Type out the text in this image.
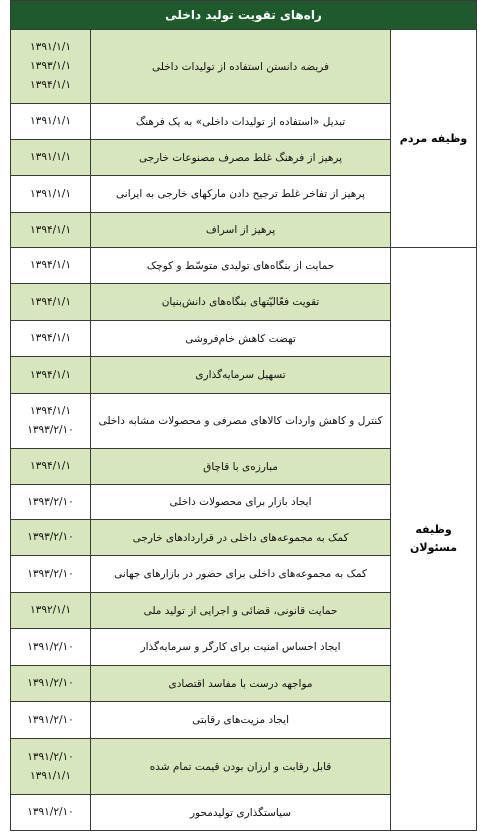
راه‌های تقویت تولید داخلی		
وظیفه مردم	فریضه دانستن استفاده از تولیدات داخلی	۱۳۹۱/۱/۱
۱۳۹۳/۱/۱
۱۳۹۴/۱/۱

	تبدیل «استفاده از تولیدات داخلی» به یک فرهنگ	۱۳۹۱/۱/۱

	پرهیز از فرهنگ غلط مصرف مصنوعات خارجی	۱۳۹۱/۱/۱

	پرهیز از تفاخر غلط ترجیح دادن مارکهای خارجی به ایرانی	۱۳۹۱/۱/۱

	پرهیز از اسراف	۱۳۹۴/۱/۱

وظیفه
مسئولان	حمایت از بنگاه‌های تولیدی متوسّط و کوچک	۱۳۹۴/۱/۱

	تقویت فعّالیّتهای بنگاه‌های دانش‌بنیان	۱۳۹۴/۱/۱

	تهضت کاهش خام‌فروشی	۱۳۹۴/۱/۱

	تسهیل سرمایه‌گذاری	۱۳۹۴/۱/۱

	کنترل و کاهش واردات کالاهای مصرفی و محصولات مشابه داخلی	۱۳۹۴/۱/۱
۱۳۹۳/۲/۱۰

	مبارزه‌ی با قاچاق	۱۳۹۴/۱/۱

	ایجاد بازار برای محصولات داخلی	۱۳۹۳/۲/۱۰

	کمک به مجموعه‌های داخلی در قراردادهای خارجی	۱۳۹۳/۲/۱۰

	کمک به مجموعه‌های داخلی برای حضور در بازارهای جهانی	۱۳۹۳/۲/۱۰

	حمایت قانونی، قضائی و اجرایی از تولید ملی	۱۳۹۲/۱/۱

	ایجاد احساس امنیت برای کارگر و سرمایه‌گذار	۱۳۹۱/۲/۱۰

	مواجهه درست با مفاسد اقتصادی	۱۳۹۱/۲/۱۰

	ایجاد مزیت‌های رقابتی	۱۳۹۱/۲/۱۰

	قابل رقابت و ارزان بودن قیمت تمام شده	۱۳۹۱/۲/۱۰
۱۳۹۱/۱/۱

	سیاستگذاری تولیدمحور	۱۳۹۱/۲/۱۰
